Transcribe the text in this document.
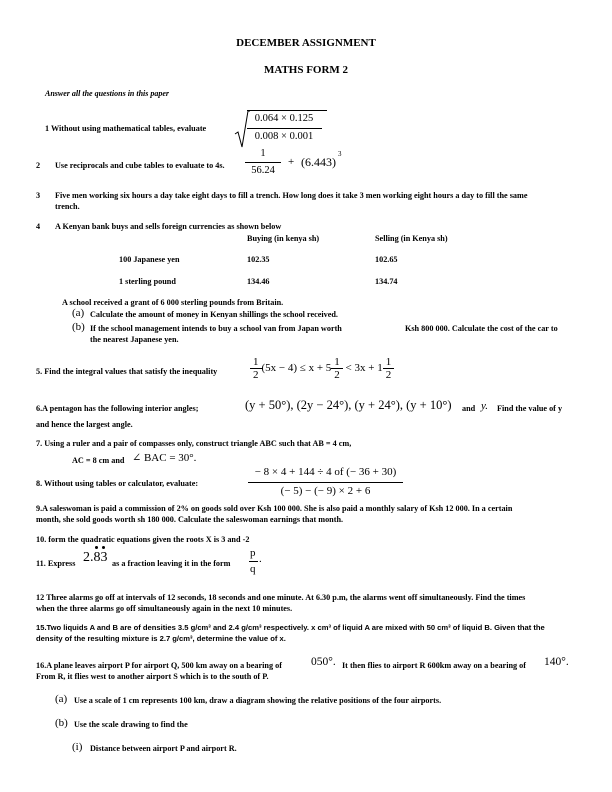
DECEMBER ASSIGNMENT
MATHS FORM 2
Answer all the questions in this paper
1 Without using mathematical tables, evaluate
0.064 × 0.125
0.008 × 0.001
2 Use reciprocals and cube tables to evaluate to 4s.
1
56.24
+ (6.443)
3
3 Five men working six hours a day take eight days to fill a trench. How long does it take 3 men working eight hours a day to fill the same
trench.
4 A Kenyan bank buys and sells foreign currencies as shown below
Buying (in kenya sh)	Selling (in Kenya sh)
100 Japanese yen	102.35	102.65
1 sterling pound	134.46	134.74
A school received a grant of 6 000 sterling pounds from Britain.
(a) Calculate the amount of money in Kenyan shillings the school received.
(b) If the school management intends to buy a school van from Japan worth	Ksh 800 000. Calculate the cost of the car to
the nearest Japanese yen.
5. Find the integral values that satisfy the inequality	$\frac{1}{2} (5x - 4) \le x + 5 \frac{1}{2} < 3x + 1 \frac{1}{2}$
6.A pentagon has the following interior angles;	(y + 50°), (2y − 24°), (y + 24°), (y + 10°) and y. Find the value of y
and hence the largest angle.
7. Using a ruler and a pair of compasses only, construct triangle ABC such that AB = 4 cm,
AC = 8 cm and ∠ BAC = 30°.
8. Without using tables or calculator, evaluate:
− 8 × 4 + 144 ÷ 4 of (− 36 + 30)
(− 5) − (− 9) × 2 + 6
9.A saleswoman is paid a commission of 2% on goods sold over Ksh 100 000. She is also paid a monthly salary of Ksh 12 000. In a certain
month, she sold goods worth sh 180 000. Calculate the saleswoman earnings that month.
10. form the quadratic equations given the roots X is 3 and -2
11. Express 2.83 as a fraction leaving it in the form
p .
q
12 Three alarms go off at intervals of 12 seconds, 18 seconds and one minute. At 6.30 p.m, the alarms went off simultaneously. Find the times
when the three alarms go off simultaneously again in the next 10 minutes.
15.Two liquids A and B are of densities 3.5 g/cm³ and 2.4 g/cm³ respectively. x cm³ of liquid A are mixed with 50 cm³ of liquid B. Given that the
density of the resulting mixture is 2.7 g/cm³, determine the value of x.
16.A plane leaves airport P for airport Q, 500 km away on a bearing of	050°. It then flies to airport R 600km away on a bearing of 140°.
From R, it flies west to another airport S which is to the south of P.
(a) Use a scale of 1 cm represents 100 km, draw a diagram showing the relative positions of the four airports.
(b) Use the scale drawing to find the
(i) Distance between airport P and airport R.
